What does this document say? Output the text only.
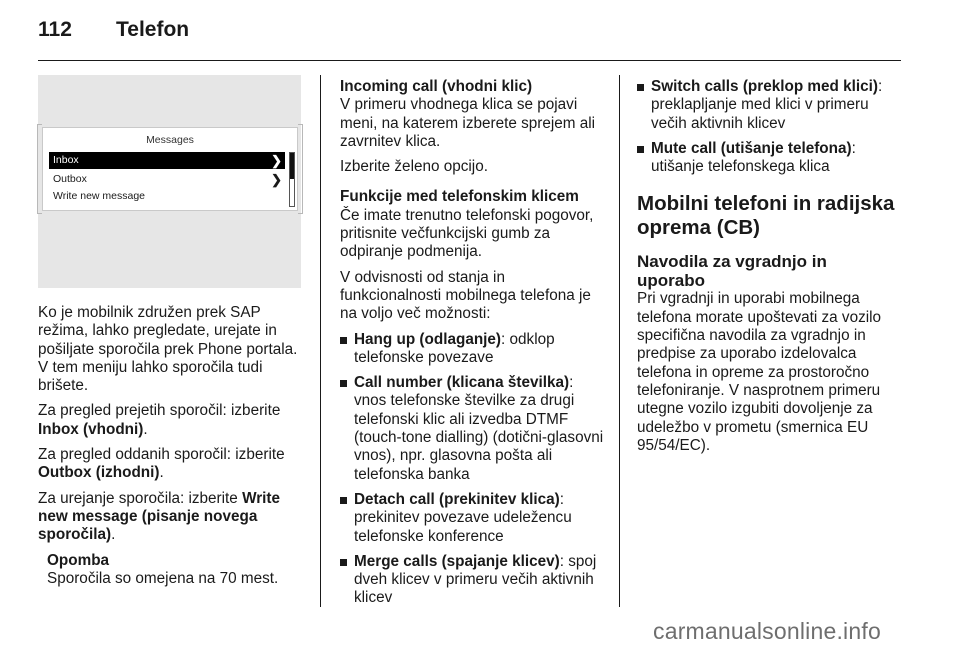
112 Telefon
Messages
Inbox	❯
Outbox	❯
Write new message

Ko je mobilnik združen prek SAP režima, lahko pregledate, urejate in pošiljate sporočila prek Phone portala. V tem meniju lahko sporočila tudi brišete.

Za pregled prejetih sporočil: izberite Inbox (vhodni).

Za pregled oddanih sporočil: izberite Outbox (izhodni).

Za urejanje sporočila: izberite Write new message (pisanje novega sporočila).

Opomba
Sporočila so omejena na 70 mest.
Incoming call (vhodni klic)

V primeru vhodnega klica se pojavi meni, na katerem izberete sprejem ali zavrnitev klica.

Izberite želeno opcijo.

Funkcije med telefonskim klicem

Če imate trenutno telefonski pogovor, pritisnite večfunkcijski gumb za odpiranje podmenija.

V odvisnosti od stanja in funkcionalnosti mobilnega telefona je na voljo več možnosti:

Hang up (odlaganje): odklop telefonske povezave
Call number (klicana številka): vnos telefonske številke za drugi telefonski klic ali izvedba DTMF (touch-tone dialling) (dotični-glasovni vnos), npr. glasovna pošta ali telefonska banka
Detach call (prekinitev klica): prekinitev povezave udeležencu telefonske konference
Merge calls (spajanje klicev): spoj dveh klicev v primeru večih aktivnih klicev
Switch calls (preklop med klici): preklapljanje med klici v primeru večih aktivnih klicev
Mute call (utišanje telefona): utišanje telefonskega klica
Mobilni telefoni in radijska oprema (CB)
Navodila za vgradnjo in uporabo

Pri vgradnji in uporabi mobilnega telefona morate upoštevati za vozilo specifična navodila za vgradnjo in predpise za uporabo izdelovalca telefona in opreme za prostoročno telefoniranje. V nasprotnem primeru utegne vozilo izgubiti dovoljenje za udeležbo v prometu (smernica EU 95/54/EC).

carmanualsonline.info
